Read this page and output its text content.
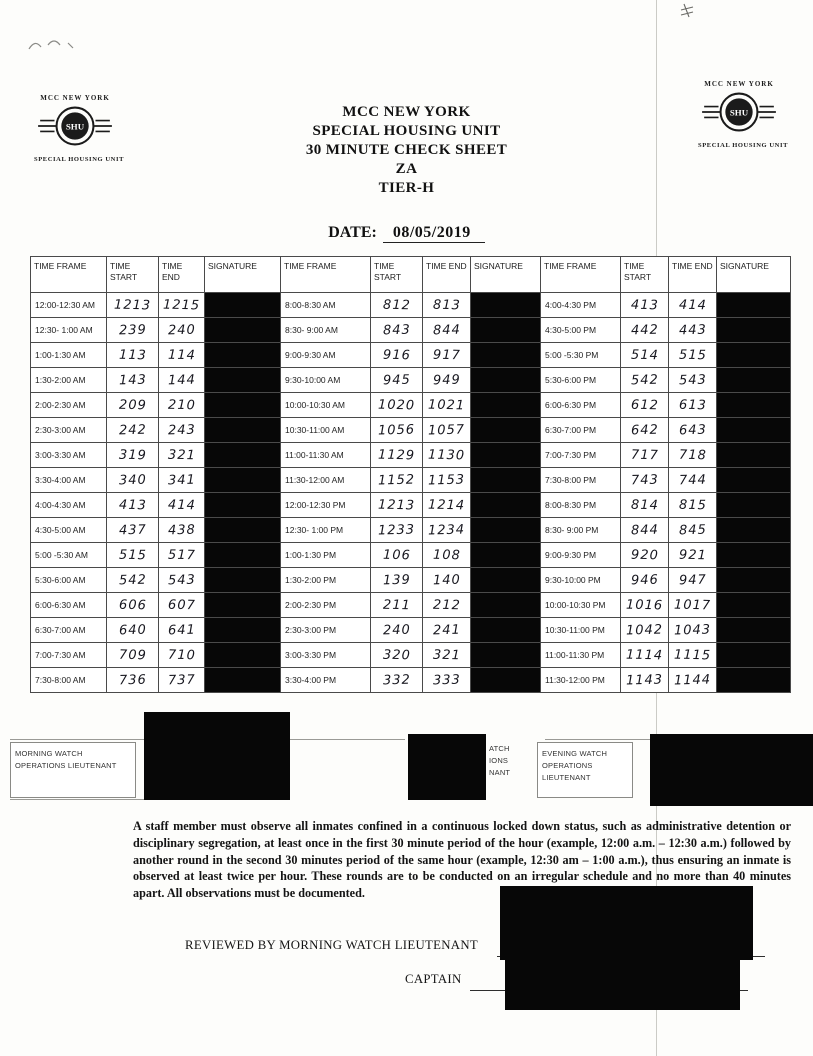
MCC NEW YORK
SHU
SPECIAL HOUSING UNIT
MCC NEW YORK
SHU
SPECIAL HOUSING UNIT
MCC NEW YORK
SPECIAL HOUSING UNIT
30 MINUTE CHECK SHEET
ZA
TIER-H
DATE: 08/05/2019
TIME FRAME	TIME START	TIME END	SIGNATURE	TIME FRAME	TIME START	TIME END	SIGNATURE	TIME FRAME	TIME START	TIME END	SIGNATURE
12:00-12:30 AM	1213	1215		8:00-8:30 AM	812	813		4:00-4:30 PM	413	414	
12:30- 1:00 AM	239	240		8:30- 9:00 AM	843	844		4:30-5:00 PM	442	443	
1:00-1:30 AM	113	114		9:00-9:30 AM	916	917		5:00 -5:30 PM	514	515	
1:30-2:00 AM	143	144		9:30-10:00 AM	945	949		5:30-6:00 PM	542	543	
2:00-2:30 AM	209	210		10:00-10:30 AM	1020	1021		6:00-6:30 PM	612	613	
2:30-3:00 AM	242	243		10:30-11:00 AM	1056	1057		6:30-7:00 PM	642	643	
3:00-3:30 AM	319	321		11:00-11:30 AM	1129	1130		7:00-7:30 PM	717	718	
3:30-4:00 AM	340	341		11:30-12:00 AM	1152	1153		7:30-8:00 PM	743	744	
4:00-4:30 AM	413	414		12:00-12:30 PM	1213	1214		8:00-8:30 PM	814	815	
4:30-5:00 AM	437	438		12:30- 1:00 PM	1233	1234		8:30- 9:00 PM	844	845	
5:00 -5:30 AM	515	517		1:00-1:30 PM	106	108		9:00-9:30 PM	920	921	
5:30-6:00 AM	542	543		1:30-2:00 PM	139	140		9:30-10:00 PM	946	947	
6:00-6:30 AM	606	607		2:00-2:30 PM	211	212		10:00-10:30 PM	1016	1017	
6:30-7:00 AM	640	641		2:30-3:00 PM	240	241		10:30-11:00 PM	1042	1043	
7:00-7:30 AM	709	710		3:00-3:30 PM	320	321		11:00-11:30 PM	1114	1115	
7:30-8:00 AM	736	737		3:30-4:00 PM	332	333		11:30-12:00 PM	1143	1144	
MORNING WATCH OPERATIONS LIEUTENANT
ATCH
IONS
NANT
EVENING WATCH OPERATIONS LIEUTENANT
A staff member must observe all inmates confined in a continuous locked down status, such as administrative detention or disciplinary segregation, at least once in the first 30 minute period of the hour (example, 12:00 a.m. – 12:30 a.m.) followed by another round in the second 30 minutes period of the same hour (example, 12:30 am – 1:00 a.m.), thus ensuring an inmate is observed at least twice per hour. These rounds are to be conducted on an irregular schedule and no more than 40 minutes apart. All observations must be documented.
REVIEWED BY MORNING WATCH LIEUTENANT
CAPTAIN
